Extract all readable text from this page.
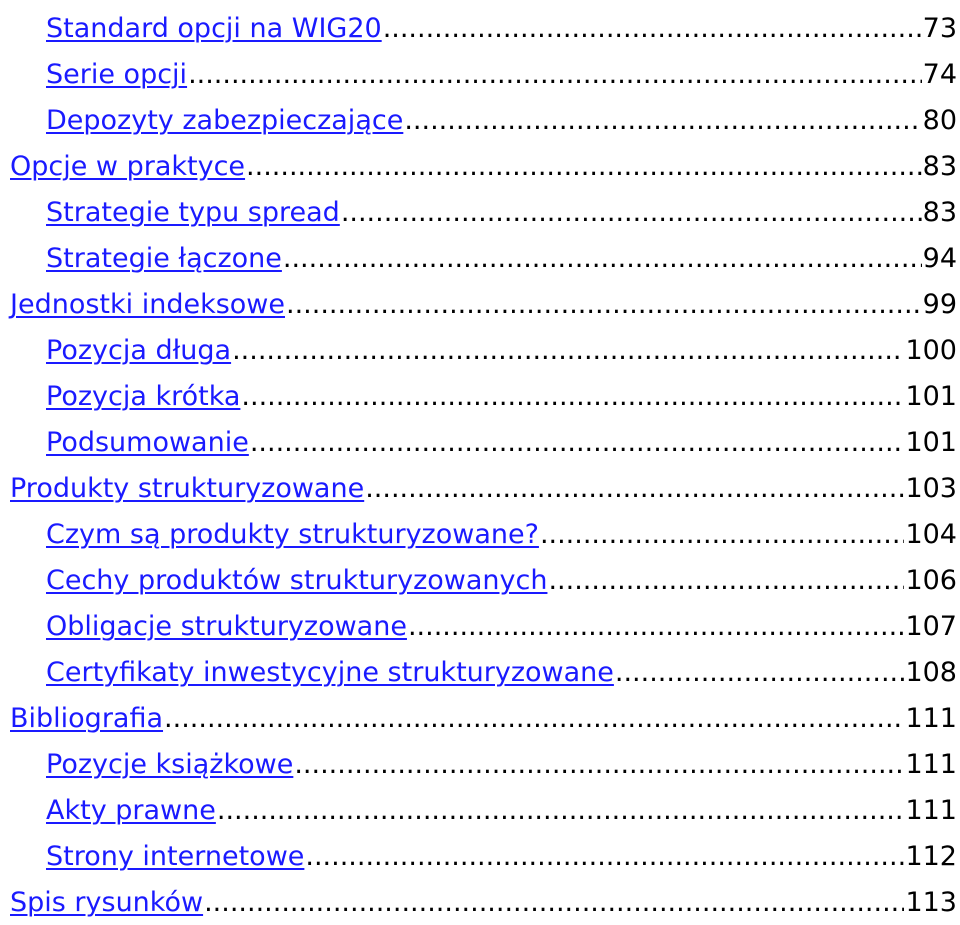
Standard opcji na WIG20 .....	73
Serie opcji .....	74
Depozyty zabezpieczające .....	80
Opcje w praktyce .....	83
Strategie typu spread .....	83
Strategie łączone .....	94
Jednostki indeksowe .....	99
Pozycja długa .....	100
Pozycja krótka .....	101
Podsumowanie .....	101
Produkty strukturyzowane .....	103
Czym są produkty strukturyzowane? .....	104
Cechy produktów strukturyzowanych .....	106
Obligacje strukturyzowane .....	107
Certyfikaty inwestycyjne strukturyzowane .....	108
Bibliografia .....	111
Pozycje książkowe .....	111
Akty prawne .....	111
Strony internetowe .....	112
Spis rysunków .....	113
